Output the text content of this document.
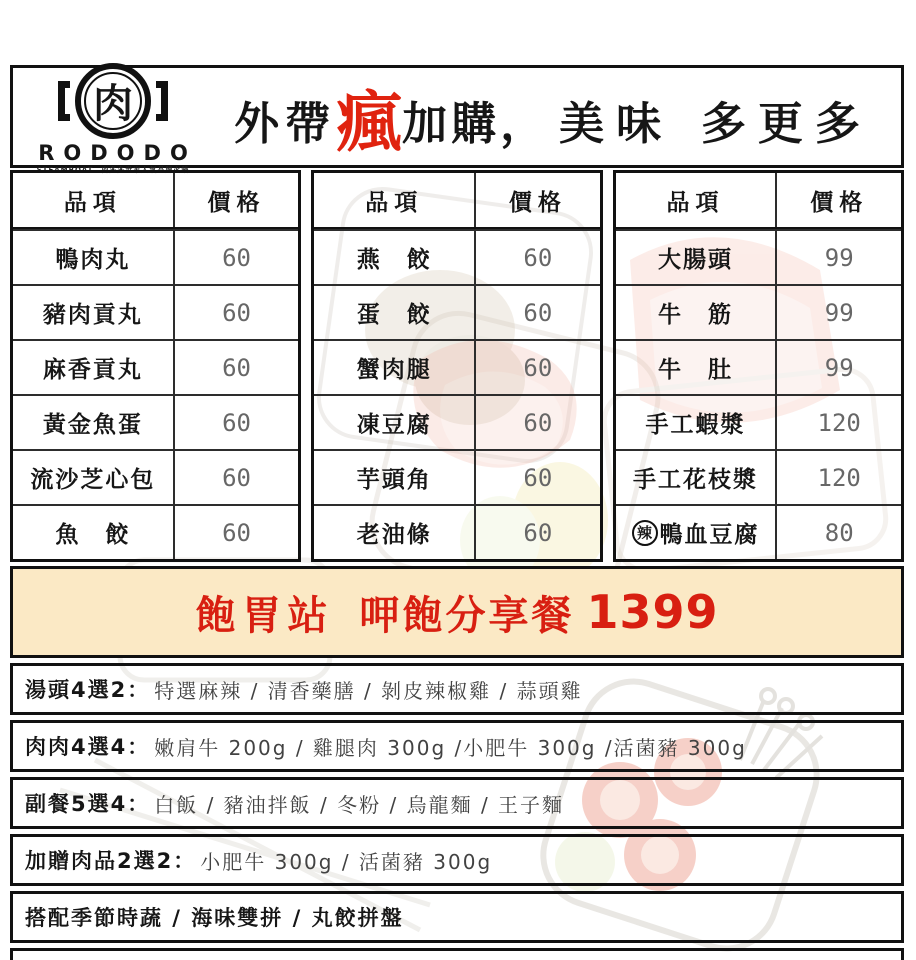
肉
RODODO
STEAMBOAT　肉多多世家人氣品牌火鍋
外帶瘋加購， 美味 多更多
品項	價格
鴨肉丸	60
豬肉貢丸	60
麻香貢丸	60
黃金魚蛋	60
流沙芝心包	60
魚　餃	60
品項	價格
燕　餃	60
蛋　餃	60
蟹肉腿	60
凍豆腐	60
芋頭角	60
老油條	60
品項	價格
大腸頭	99
牛　筋	99
牛　肚	99
手工蝦漿	120
手工花枝漿	120
辣 鴨血豆腐	80
飽胃站 呷飽分享餐 1399
湯頭4選2： 特選麻辣 / 清香藥膳 / 剝皮辣椒雞 / 蒜頭雞
肉肉4選4： 嫩肩牛 200g / 雞腿肉 300g /小肥牛 300g /活菌豬 300g
副餐5選4： 白飯 / 豬油拌飯 / 冬粉 / 烏龍麵 / 王子麵
加贈肉品2選2： 小肥牛 300g / 活菌豬 300g
搭配季節時蔬 / 海味雙拼 / 丸餃拼盤
